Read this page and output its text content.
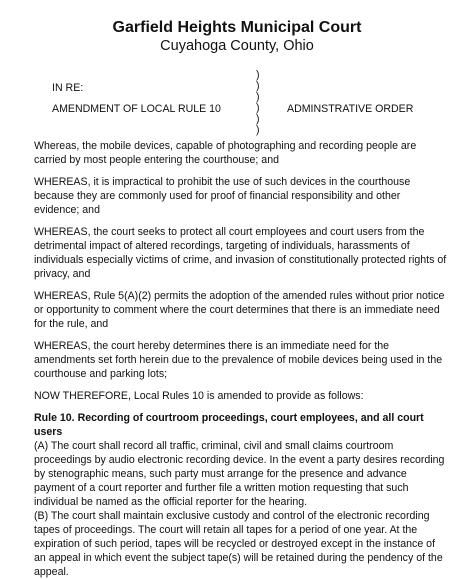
Garfield Heights Municipal Court
Cuyahoga County, Ohio
IN RE:
AMENDMENT OF LOCAL RULE 10	ADMINSTRATIVE ORDER
)
)
)
)
)
)

Whereas, the mobile devices, capable of photographing and recording people are carried by most people entering the courthouse; and

WHEREAS, it is impractical to prohibit the use of such devices in the courthouse because they are commonly used for proof of financial responsibility and other evidence; and

WHEREAS, the court seeks to protect all court employees and court users from the detrimental impact of altered recordings, targeting of individuals, harassments of individuals especially victims of crime, and invasion of constitutionally protected rights of privacy, and

WHEREAS, Rule 5(A)(2) permits the adoption of the amended rules without prior notice or opportunity to comment where the court determines that there is an immediate need for the rule, and

WHEREAS, the court hereby determines there is an immediate need for the amendments set forth herein due to the prevalence of mobile devices being used in the courthouse and parking lots;

NOW THEREFORE, Local Rules 10 is amended to provide as follows:

Rule 10. Recording of courtroom proceedings, court employees, and all court users

(A) The court shall record all traffic, criminal, civil and small claims courtroom proceedings by audio electronic recording device. In the event a party desires recording by stenographic means, such party must arrange for the presence and advance payment of a court reporter and further file a written motion requesting that such individual be named as the official reporter for the hearing.

(B) The court shall maintain exclusive custody and control of the electronic recording tapes of proceedings. The court will retain all tapes for a period of one year. At the expiration of such period, tapes will be recycled or destroyed except in the instance of an appeal in which event the subject tape(s) will be retained during the pendency of the appeal.
